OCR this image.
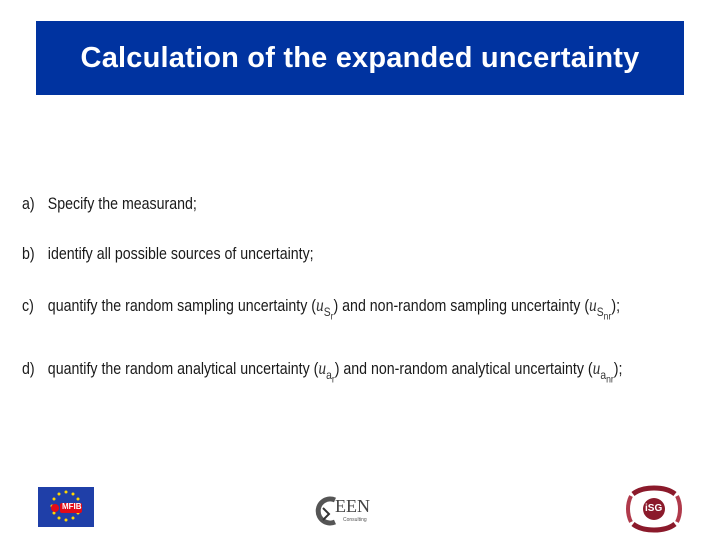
Calculation of the expanded uncertainty
a) Specify the measurand;
b) identify all possible sources of uncertainty;
c) quantify the random sampling uncertainty $(u_{S_r})$ and non-random sampling uncertainty $(u_{S_{nr}})$;
d) quantify the random analytical uncertainty $(u_{a_r})$ and non-random analytical uncertainty $(u_{a_{nr}})$;
MFIB	EEN
Consulting
iSG
